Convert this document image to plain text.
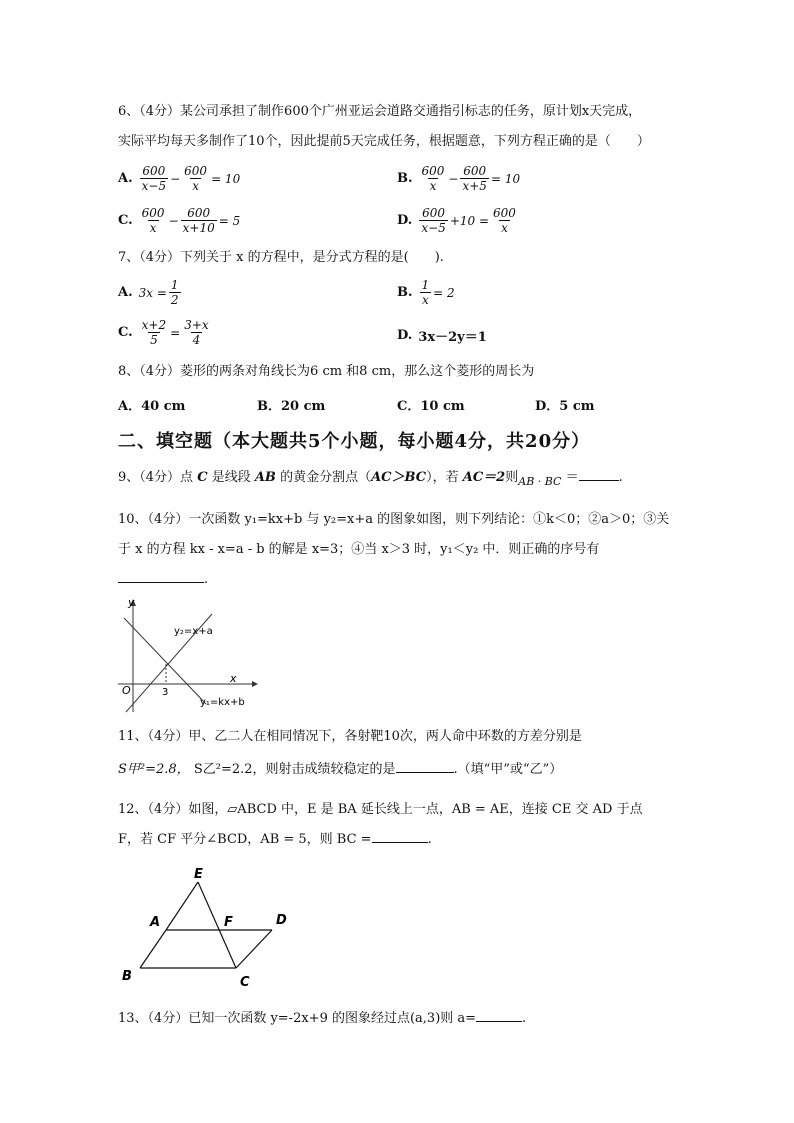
6、（4分）某公司承担了制作600个广州亚运会道路交通指引标志的任务，原计划x天完成，
实际平均每天多制作了10个，因此提前5天完成任务，根据题意，下列方程正确的是（　　）
A. $\frac{600}{x-5} - \frac{600}{x} = 10$	B. $\frac{600}{x} - \frac{600}{x+5} = 10$
C. $\frac{600}{x} - \frac{600}{x+10} = 5$	D. $\frac{600}{x-5} +10 = \frac{600}{x}$
7、（4分）下列关于 x 的方程中，是分式方程的是(　　).
A. $3x = \frac{1}{2}$	B. $\frac{1}{x} = 2$
C. $\frac{x+2}{5} = \frac{3+x}{4}$	D. 3x－2y＝1
8、（4分）菱形的两条对角线长为6 cm 和8 cm，那么这个菱形的周长为
A．40 cm	B．20 cm	C．10 cm	D．5 cm
二、填空题（本大题共5个小题，每小题4分，共20分）
9、（4分）点 C 是线段 AB 的黄金分割点（AC＞BC），若 AC＝2则$_{AB \cdot BC}$ ＝	.
10、（4分）一次函数 y₁=kx+b 与 y₂=x+a 的图象如图，则下列结论：①k＜0；②a＞0；③关
于 x 的方程 kx - x=a - b 的解是 x=3；④当 x＞3 时，y₁＜y₂ 中．则正确的序号有
.
y
x
O	3
y₂=x+a
y₁=kx+b
11、（4分）甲、乙二人在相同情况下，各射靶10次，两人命中环数的方差分别是
S甲²=2.8， S乙²=2.2，则射击成绩较稳定的是	.（填“甲”或“乙”）
12、（4分）如图，▱ABCD 中，E 是 BA 延长线上一点，AB = AE，连接 CE 交 AD 于点
F，若 CF 平分∠BCD，AB = 5，则 BC =	.
E
A	F	D
B	C
13、（4分）已知一次函数 y=-2x+9 的图象经过点(a,3)则 a=	.
